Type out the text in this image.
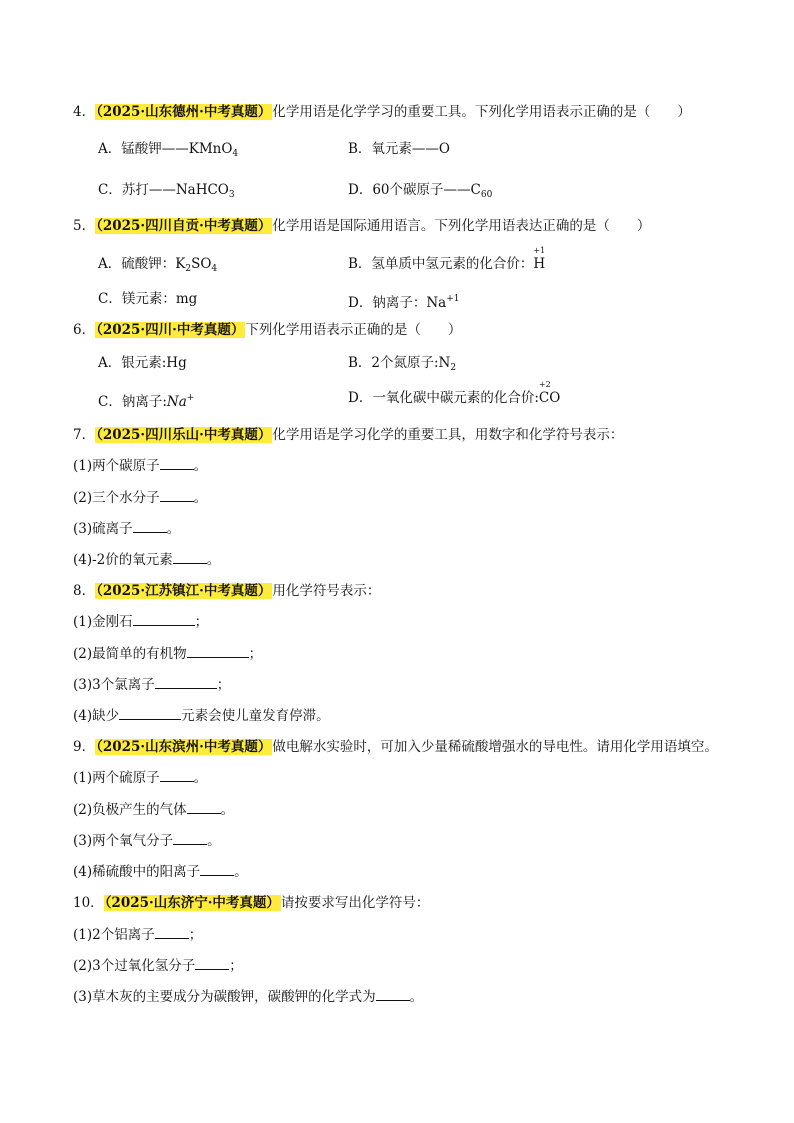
4．（2025·山东德州·中考真题）化学用语是化学学习的重要工具。下列化学用语表示正确的是（　　）
A．锰酸钾——KMnO$_4$	B．氧元素——O
C．苏打——NaHCO$_3$	D．60个碳原子$——C_{60}$
5．（2025·四川自贡·中考真题）化学用语是国际通用语言。下列化学用语表达正确的是（　　）
A．硫酸钾：$K_2SO_4$	B．氢单质中氢元素的化合价：
+1
H
C．镁元素：mg	D．钠离子：$Na^{+1}$
6．（2025·四川·中考真题）下列化学用语表示正确的是（　　）
A．银元素:Hg	B．2个氮原子$:N_2$
C．钠离子:Na+	D．一氧化碳中碳元素的化合价:
+2
CO
7．（2025·四川乐山·中考真题）化学用语是学习化学的重要工具，用数字和化学符号表示：
(1)两个碳原子	。
(2)三个水分子	。
(3)硫离子	。
(4)-2价的氧元素	。
8．（2025·江苏镇江·中考真题）用化学符号表示：
(1)金刚石	；
(2)最简单的有机物	；
(3)3个氯离子	；
(4)缺少	元素会使儿童发育停滞。
9．（2025·山东滨州·中考真题）做电解水实验时，可加入少量稀硫酸增强水的导电性。请用化学用语填空。
(1)两个硫原子	。
(2)负极产生的气体	。
(3)两个氧气分子	。
(4)稀硫酸中的阳离子	。
10．（2025·山东济宁·中考真题）请按要求写出化学符号：
(1)2个铝离子	；
(2)3个过氧化氢分子	；
(3)草木灰的主要成分为碳酸钾，碳酸钾的化学式为	。
